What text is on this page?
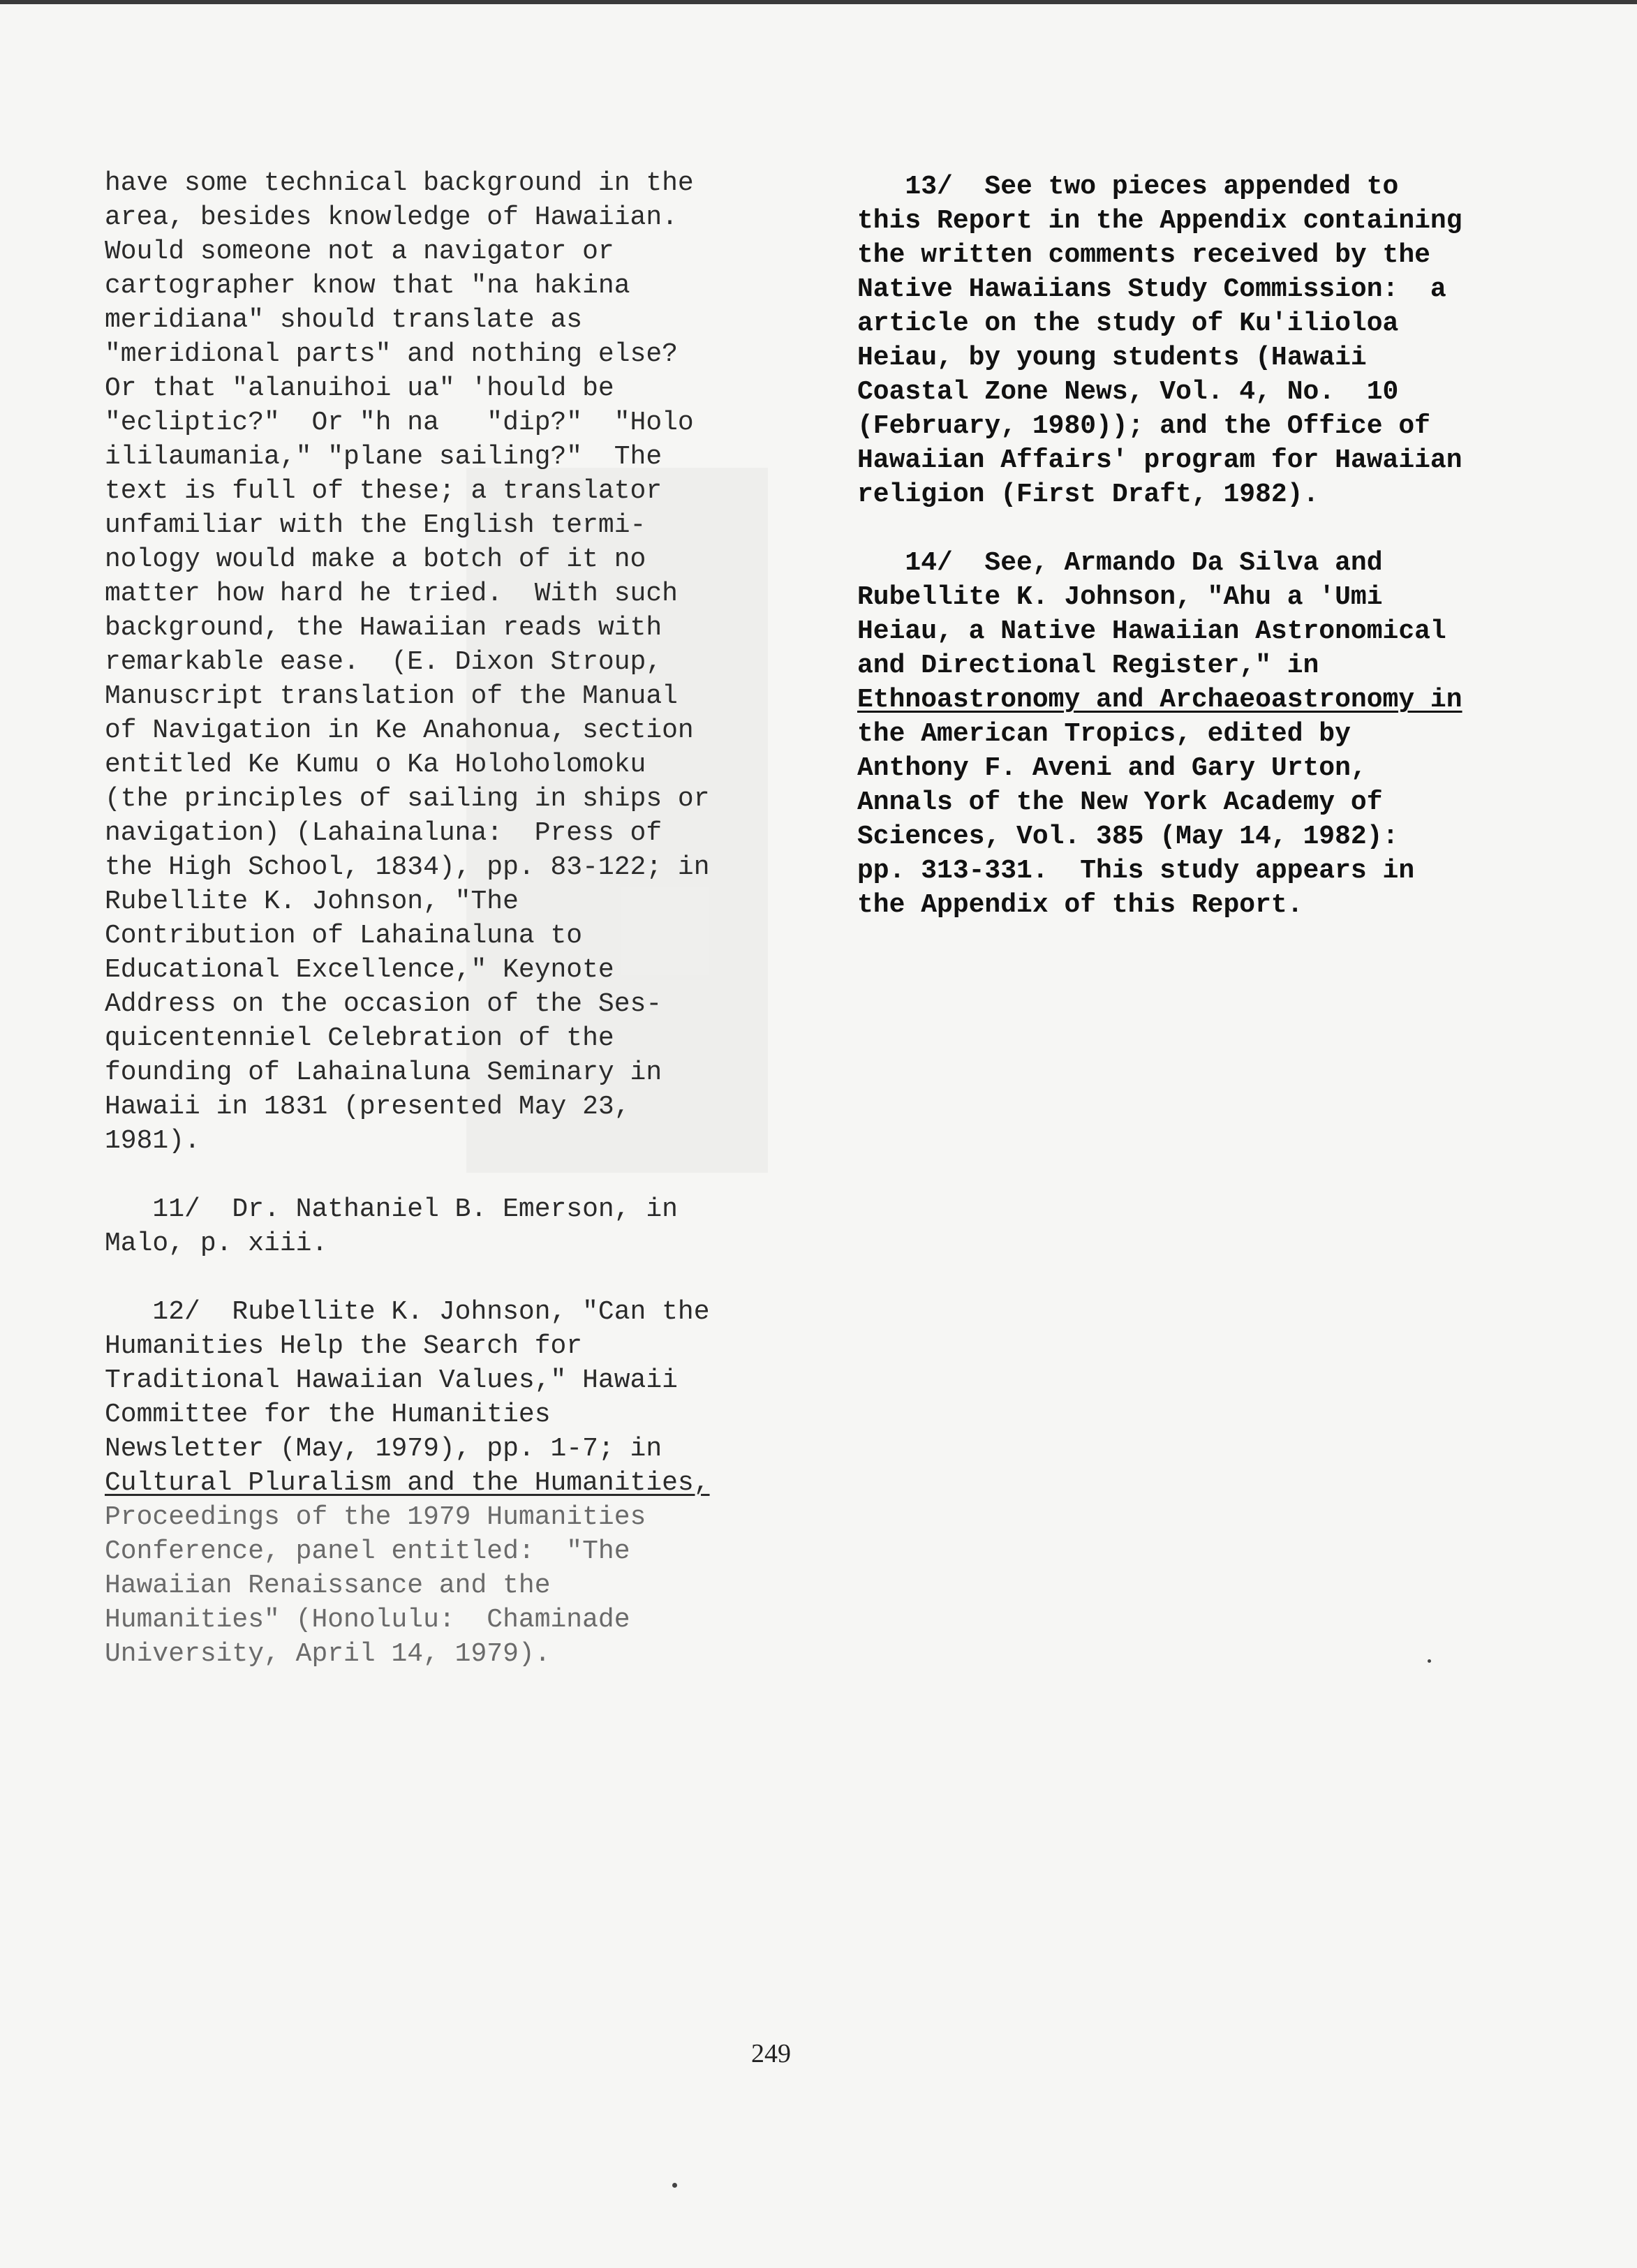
have some technical background in the
area, besides knowledge of Hawaiian.
Would someone not a navigator or
cartographer know that "na hakina
meridiana" should translate as
"meridional parts" and nothing else?
Or that "alanuihoi ua" 'hould be
"ecliptic?"  Or "h na   "dip?"  "Holo
ililaumania," "plane sailing?"  The
text is full of these; a translator
unfamiliar with the English termi-
nology would make a botch of it no
matter how hard he tried.  With such
background, the Hawaiian reads with
remarkable ease.  (E. Dixon Stroup,
Manuscript translation of the Manual
of Navigation in Ke Anahonua, section
entitled Ke Kumu o Ka Holoholomoku
(the principles of sailing in ships or
navigation) (Lahainaluna:  Press of
the High School, 1834), pp. 83-122; in
Rubellite K. Johnson, "The
Contribution of Lahainaluna to
Educational Excellence," Keynote
Address on the occasion of the Ses-
quicentenniel Celebration of the
founding of Lahainaluna Seminary in
Hawaii in 1831 (presented May 23,
1981).
11/  Dr. Nathaniel B. Emerson, in
Malo, p. xiii.
12/  Rubellite K. Johnson, "Can the
Humanities Help the Search for
Traditional Hawaiian Values," Hawaii
Committee for the Humanities
Newsletter (May, 1979), pp. 1-7; in
Cultural Pluralism and the Humanities,
Proceedings of the 1979 Humanities
Conference, panel entitled:  "The
Hawaiian Renaissance and the
Humanities" (Honolulu:  Chaminade
University, April 14, 1979).
13/  See two pieces appended to
this Report in the Appendix containing
the written comments received by the
Native Hawaiians Study Commission:  a
article on the study of Ku'ilioloa
Heiau, by young students (Hawaii
Coastal Zone News, Vol. 4, No.  10
(February, 1980)); and the Office of
Hawaiian Affairs' program for Hawaiian
religion (First Draft, 1982).
14/  See, Armando Da Silva and
Rubellite K. Johnson, "Ahu a 'Umi
Heiau, a Native Hawaiian Astronomical
and Directional Register," in
Ethnoastronomy and Archaeoastronomy in
the American Tropics, edited by
Anthony F. Aveni and Gary Urton,
Annals of the New York Academy of
Sciences, Vol. 385 (May 14, 1982):
pp. 313-331.  This study appears in
the Appendix of this Report.
249
